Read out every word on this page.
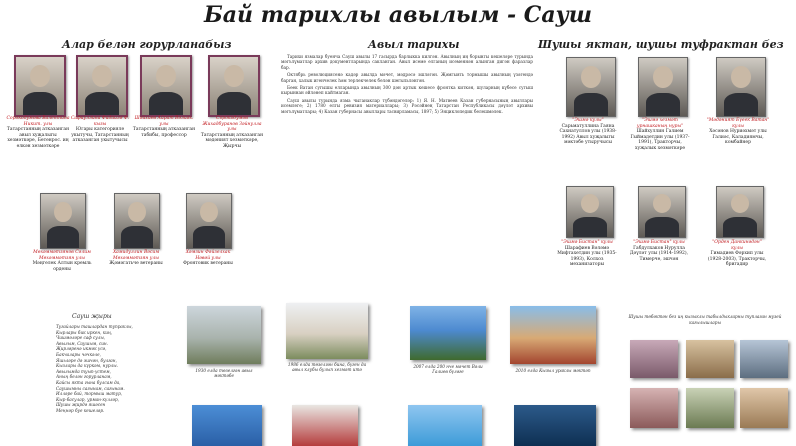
Бай тарихлы авылым - Сауш
Алар белән горурланабыз	Авыл тарихы	Шушы яктан, шушы туфрактан без
Сорокодумова Валентина Никит. улы
Татарстанның атказанган авыл хуҗалыгы хезмәткәре, Бөтенрос. иң өлкән хезмәткәре
Сафиуллина Фидаилә Ф. кызы
Югары категорияле укытучы, Татарстанның атказанган укытучысы
Шәйхиев Айрат Вәлиәх. улы
Татарстанның атказанган табибы, профессор
Сорокодумов Жихадбуранов Зәйнулла улы
Татарстанның атказанган мәдәният хезмәткәре, Җырчы
Мөхәммәтзянов Сәлим Мөхәммәтзян улы
Мәңгелек Алтын кремль ордены
Хамидуллин Вәсим Мөхәммәтзян улы
Җәмәгатьче ветераны
Хәмзин Фәйзелхак Нәвәй улы
Фронтовик ветераны

Тарихи язмалар буенча Сауш авылы 17 гасырда барлыкка килгән. Авылның иң борынгы кешеләре турында мәгълүматлар архив документларында сакланган. Авыл исеме елганың исеменнән алынган дигән фаразлар бар.

Октябрь революциясенә кадәр авылда мәчет, мәдрәсә эшләгән. Җәмгыять тормышы авылның үзәгендә барган, халык игенчелек һәм терлекчелек белән шөгыльләнгән.

Бөек Ватан сугышы елларында авылның 300 дән артык кешесе фронтка киткән, шуларның күбесе сугыш кырыннан әйләнеп кайтмаган.

Сауш авылы турында язма чыганаклар түбәндәгеләр: 1) Я. Н. Матвеев Казан губернасының авыллары исемлеге; 2) 1780 елгы ревизия материаллары; 3) Рәсәйнең Татарстан Республикасы дәүләт архивы мәгълүматлары; 4) Казан губернасы авыллары тасвирламасы, 1897; 5) Энциклопедик белешмәлек.

Сауш җыры
Тугайлары ташлардан тупраклы,
Кырлары бик иркен, киң,
Чишмәләре саф сулы,
Авылым, Саушым, син.
Җирләренә икмәк үсә,
Бакчалары чәчкәле,
Яшьләре дә эшчән, булган,
Кызлары да күркәм, нурлы.
Авылымда туып-үстем,
Аның белән горурланам,
Кайсы якта гына булсам да,
Саушымны сагынам, сагынам.
Илләре бай, тормыш матур,
Кыр-басулар, урман-күлләр,
Шушы җирдә яшәсен
Меңнәр буе кешеләр.
1930 елда төзелгән авыл мәктәбе
1986 елда төзелгән бина, бүген да авыл клубы булып хезмәт итә
2007 елда 200 нче мәчет Вәли Галиев бүләге	2010 елда Кызыл ураклы мәктәп
"Эшмә кулы"
Сарьматуллина Гаяна Сахнатуллов улы (1938-1992) Авыл хуҗалыгы мәктәбе утыручысы
"Эшмә хезмәт урнашканың нуры"
Шайхуллин Галием Гыймадетдин улы (1937-1991), Тракторчы, хуҗалык хезмәткәре
"Мәдәният Бүеек Ватан" кулы
Хәсәнов Нуриәхмәт улы Галиәс, Каладиямчы, комбайнер
"Эшмә Бистан" кулы
Шарафиев Вәләмә Мифтахетдин улы (1935-1993), Колхоз механизаторы
"Эшмә Бистан" кулы
Габдулхаков Нурулла Дәүләт улы (1914-1992), Тимерче, эшчән
"Орден Данкинәдән" кулы
Гимадиев Фәрхип улы (1928-2003), Тракторчы, бригадир
Шушы төбәктән без иң кызыклы табылдыкларны туплаган музей кагылышлары
